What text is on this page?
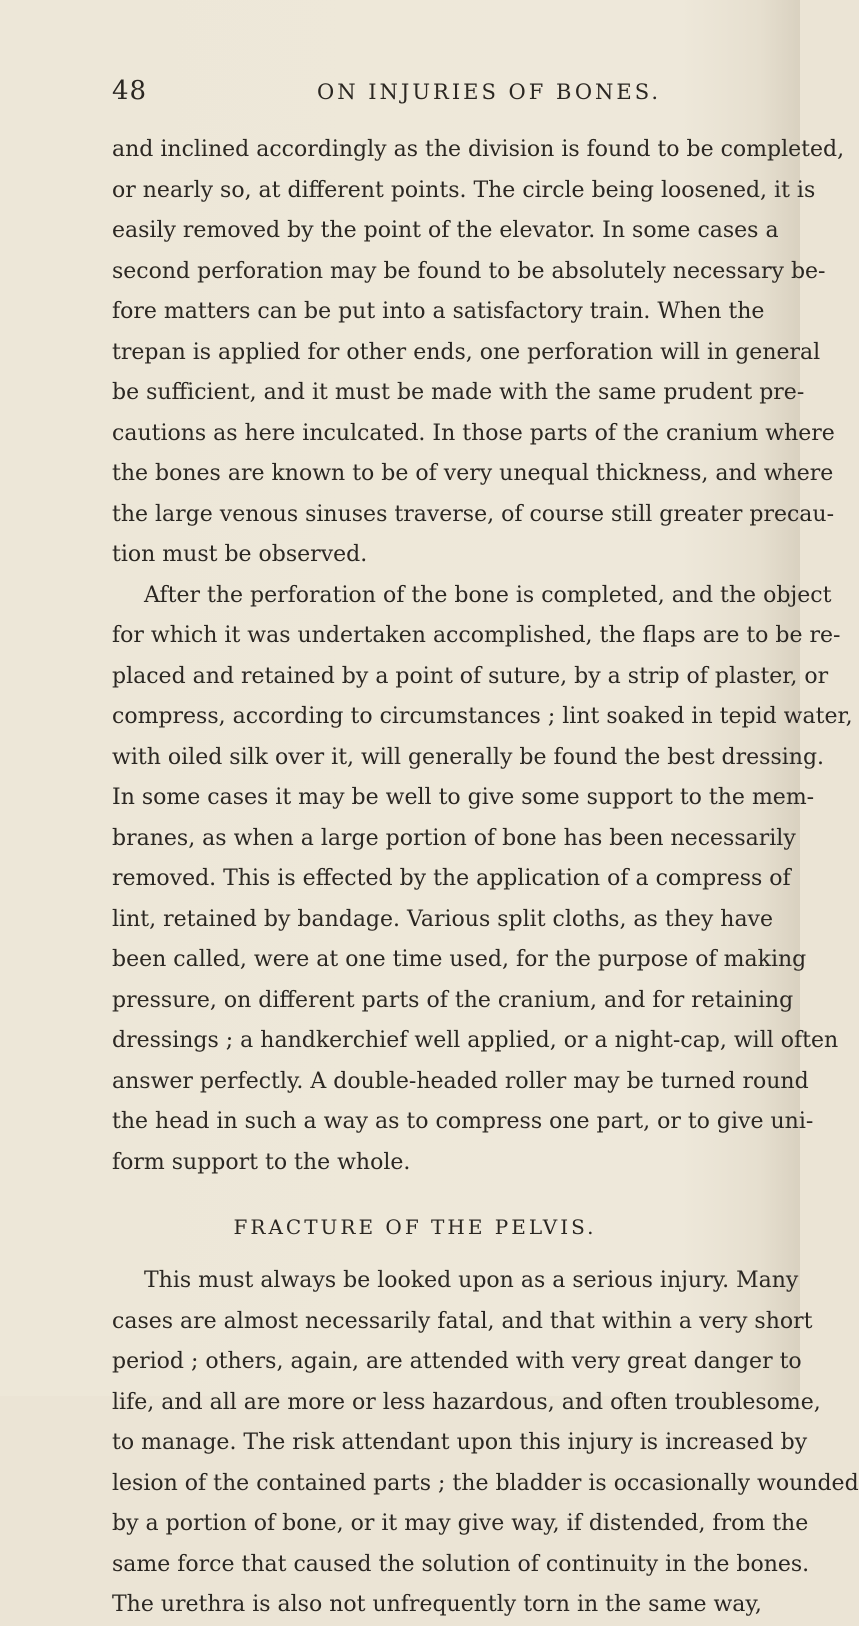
48	ON INJURIES OF BONES.
and inclined accordingly as the division is found to be completed,
or nearly so, at different points. The circle being loosened, it is
easily removed by the point of the elevator. In some cases a
second perforation may be found to be absolutely necessary be-
fore matters can be put into a satisfactory train. When the
trepan is applied for other ends, one perforation will in general
be sufficient, and it must be made with the same prudent pre-
cautions as here inculcated. In those parts of the cranium where
the bones are known to be of very unequal thickness, and where
the large venous sinuses traverse, of course still greater precau-
tion must be observed.
After the perforation of the bone is completed, and the object
for which it was undertaken accomplished, the flaps are to be re-
placed and retained by a point of suture, by a strip of plaster, or
compress, according to circumstances ; lint soaked in tepid water,
with oiled silk over it, will generally be found the best dressing.
In some cases it may be well to give some support to the mem-
branes, as when a large portion of bone has been necessarily
removed. This is effected by the application of a compress of
lint, retained by bandage. Various split cloths, as they have
been called, were at one time used, for the purpose of making
pressure, on different parts of the cranium, and for retaining
dressings ; a handkerchief well applied, or a night-cap, will often
answer perfectly. A double-headed roller may be turned round
the head in such a way as to compress one part, or to give uni-
form support to the whole.
FRACTURE OF THE PELVIS.
This must always be looked upon as a serious injury. Many
cases are almost necessarily fatal, and that within a very short
period ; others, again, are attended with very great danger to
life, and all are more or less hazardous, and often troublesome,
to manage. The risk attendant upon this injury is increased by
lesion of the contained parts ; the bladder is occasionally wounded
by a portion of bone, or it may give way, if distended, from the
same force that caused the solution of continuity in the bones.
The urethra is also not unfrequently torn in the same way,
